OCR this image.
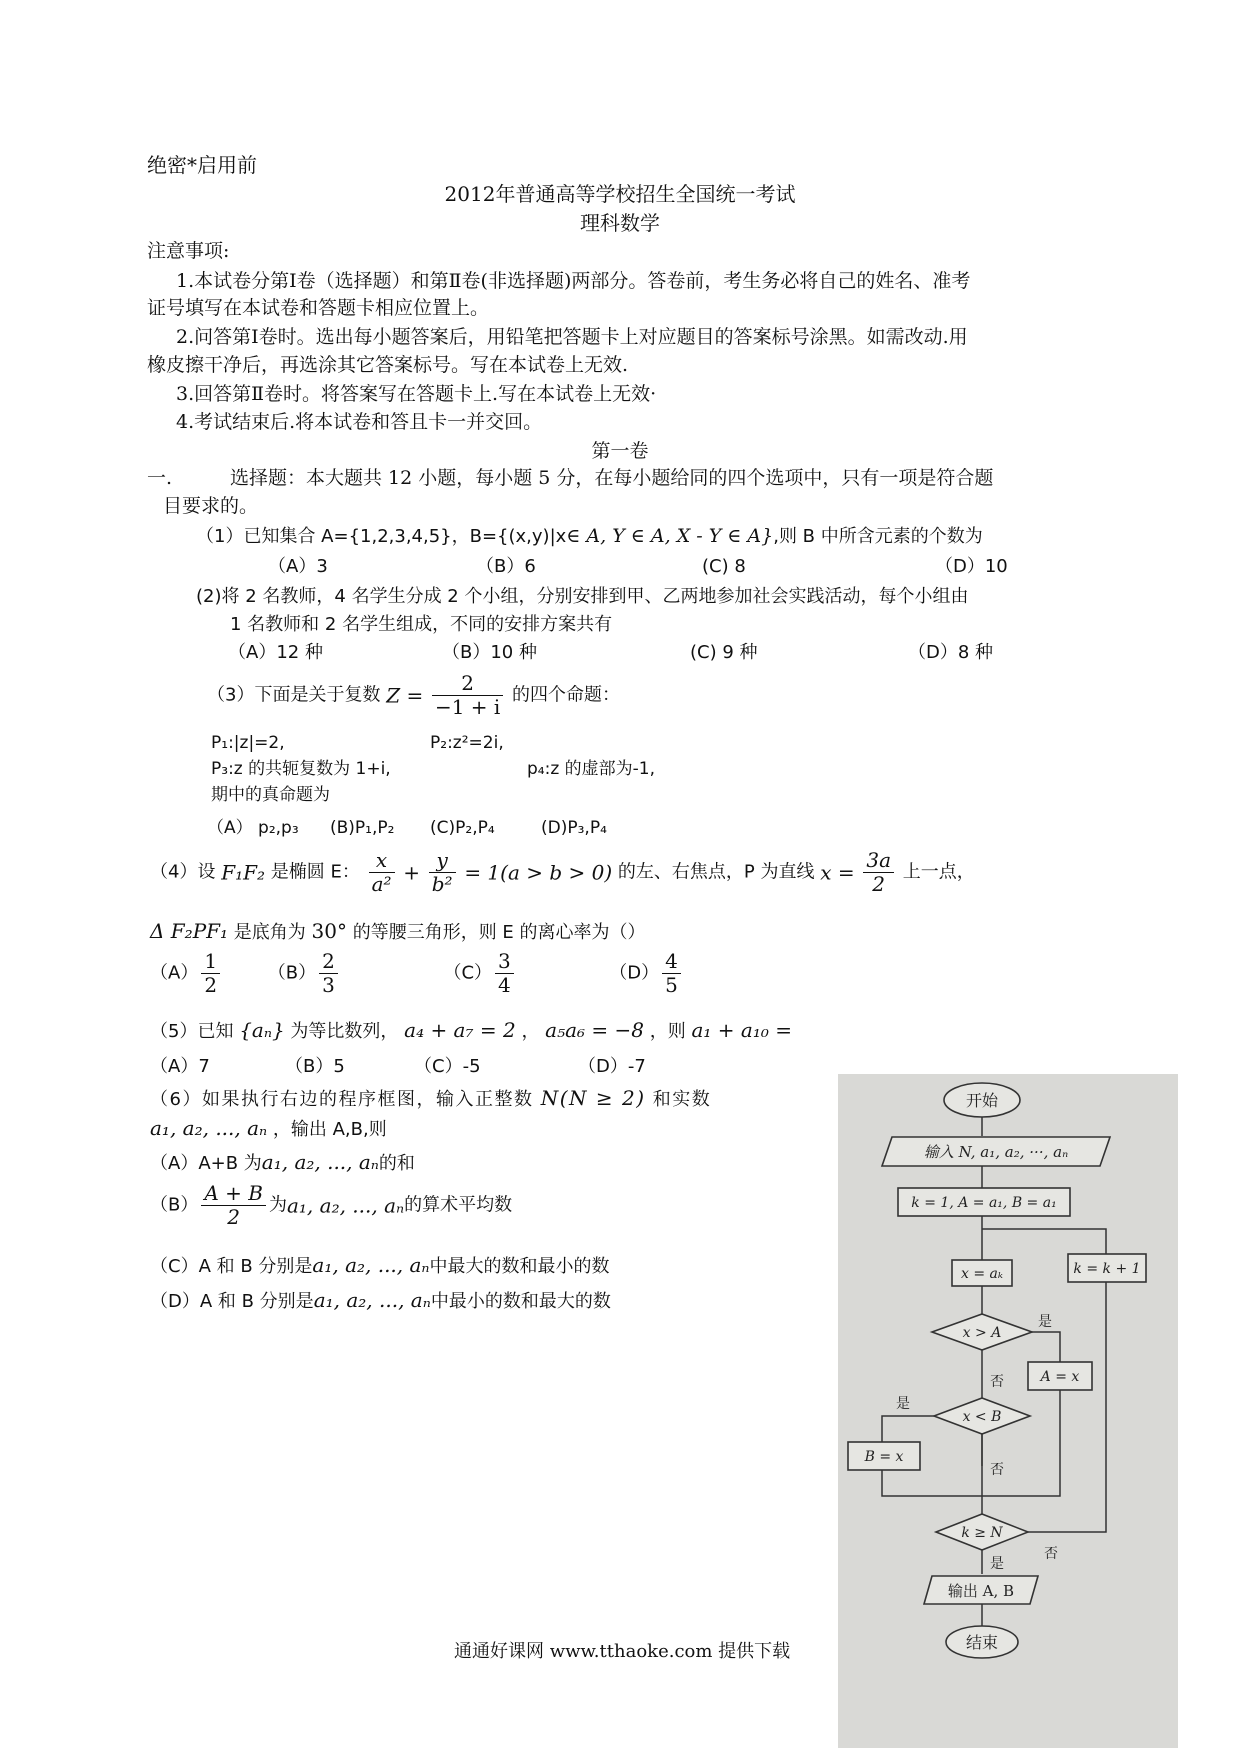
绝密*启用前
2012年普通高等学校招生全国统一考试
理科数学
注意事项:
1.本试卷分第Ⅰ卷（选择题）和第Ⅱ卷(非选择题)两部分。答卷前，考生务必将自己的姓名、准考
证号填写在本试卷和答题卡相应位置上。
2.问答第Ⅰ卷时。选出每小题答案后，用铅笔把答题卡上对应题目的答案标号涂黑。如需改动.用
橡皮擦干净后，再选涂其它答案标号。写在本试卷上无效.
3.回答第Ⅱ卷时。将答案写在答题卡上.写在本试卷上无效·
4.考试结束后.将本试卷和答且卡一并交回。
第一卷
一.	选择题：本大题共 12 小题，每小题 5 分，在每小题给同的四个选项中，只有一项是符合题
目要求的。
（1）已知集合 A={1,2,3,4,5}，B={(x,y)|x∈ A, Y ∈ A, X - Y ∈ A},则 B 中所含元素的个数为
（A）3	（B）6	(C) 8	（D）10
(2)将 2 名教师，4 名学生分成 2 个小组，分别安排到甲、乙两地参加社会实践活动，每个小组由
1 名教师和 2 名学生组成，不同的安排方案共有
（A）12 种	（B）10 种	(C) 9 种	（D）8 种
（3）下面是关于复数 $Z = \frac{2}{-1 + i}$ 的四个命题：
P₁:|z|=2,	P₂:z²=2i,
P₃:z 的共轭复数为 1+i,	p₄:z 的虚部为-1,
期中的真命题为
（A） p₂,p₃ (B)P₁,P₂ (C)P₂,P₄	(D)P₃,P₄
（4）设 F₁F₂ 是椭圆 E： $\frac{x}{\text{a²}} + \frac{y}{\text{b²}} = 1(a > b > 0)$ 的左、右焦点，P 为直线 $x = \frac{3a}{2}$ 上一点，
Δ F₂PF₁ 是底角为 30° 的等腰三角形，则 E 的离心率为（）
$(A) \frac{1}{2}$	$(B) \frac{2}{3}$	$(C) \frac{3}{4}$	$(D) \frac{4}{5}$
（5）已知 {aₙ} 为等比数列， a₄ + a₇ = 2 ， a₅a₆ = −8 ，则 a₁ + a₁₀ =
（A）7	（B）5	（C）-5	（D）-7
（6）如果执行右边的程序框图，输入正整数 N(N ≥ 2) 和实数
a₁, a₂, ..., aₙ ，输出 A,B,则
（A）A+B 为a₁, a₂, ..., aₙ的和
$(B) \frac{A + B}{2}$ 为a₁, a₂, ..., aₙ的算术平均数
（C）A 和 B 分别是a₁, a₂, ..., aₙ中最大的数和最小的数
（D）A 和 B 分别是a₁, a₂, ..., aₙ中最小的数和最大的数
开始
输入 N, a₁, a₂, ···, aₙ
k = 1, A = a₁, B = a₁
x = aₖ	k = k + 1
x > A
是
A = x
否
x < B
是
否
B = x
k ≥ N
否
是
输出 A, B
结束
通通好课网 www.tthaoke.com 提供下载
